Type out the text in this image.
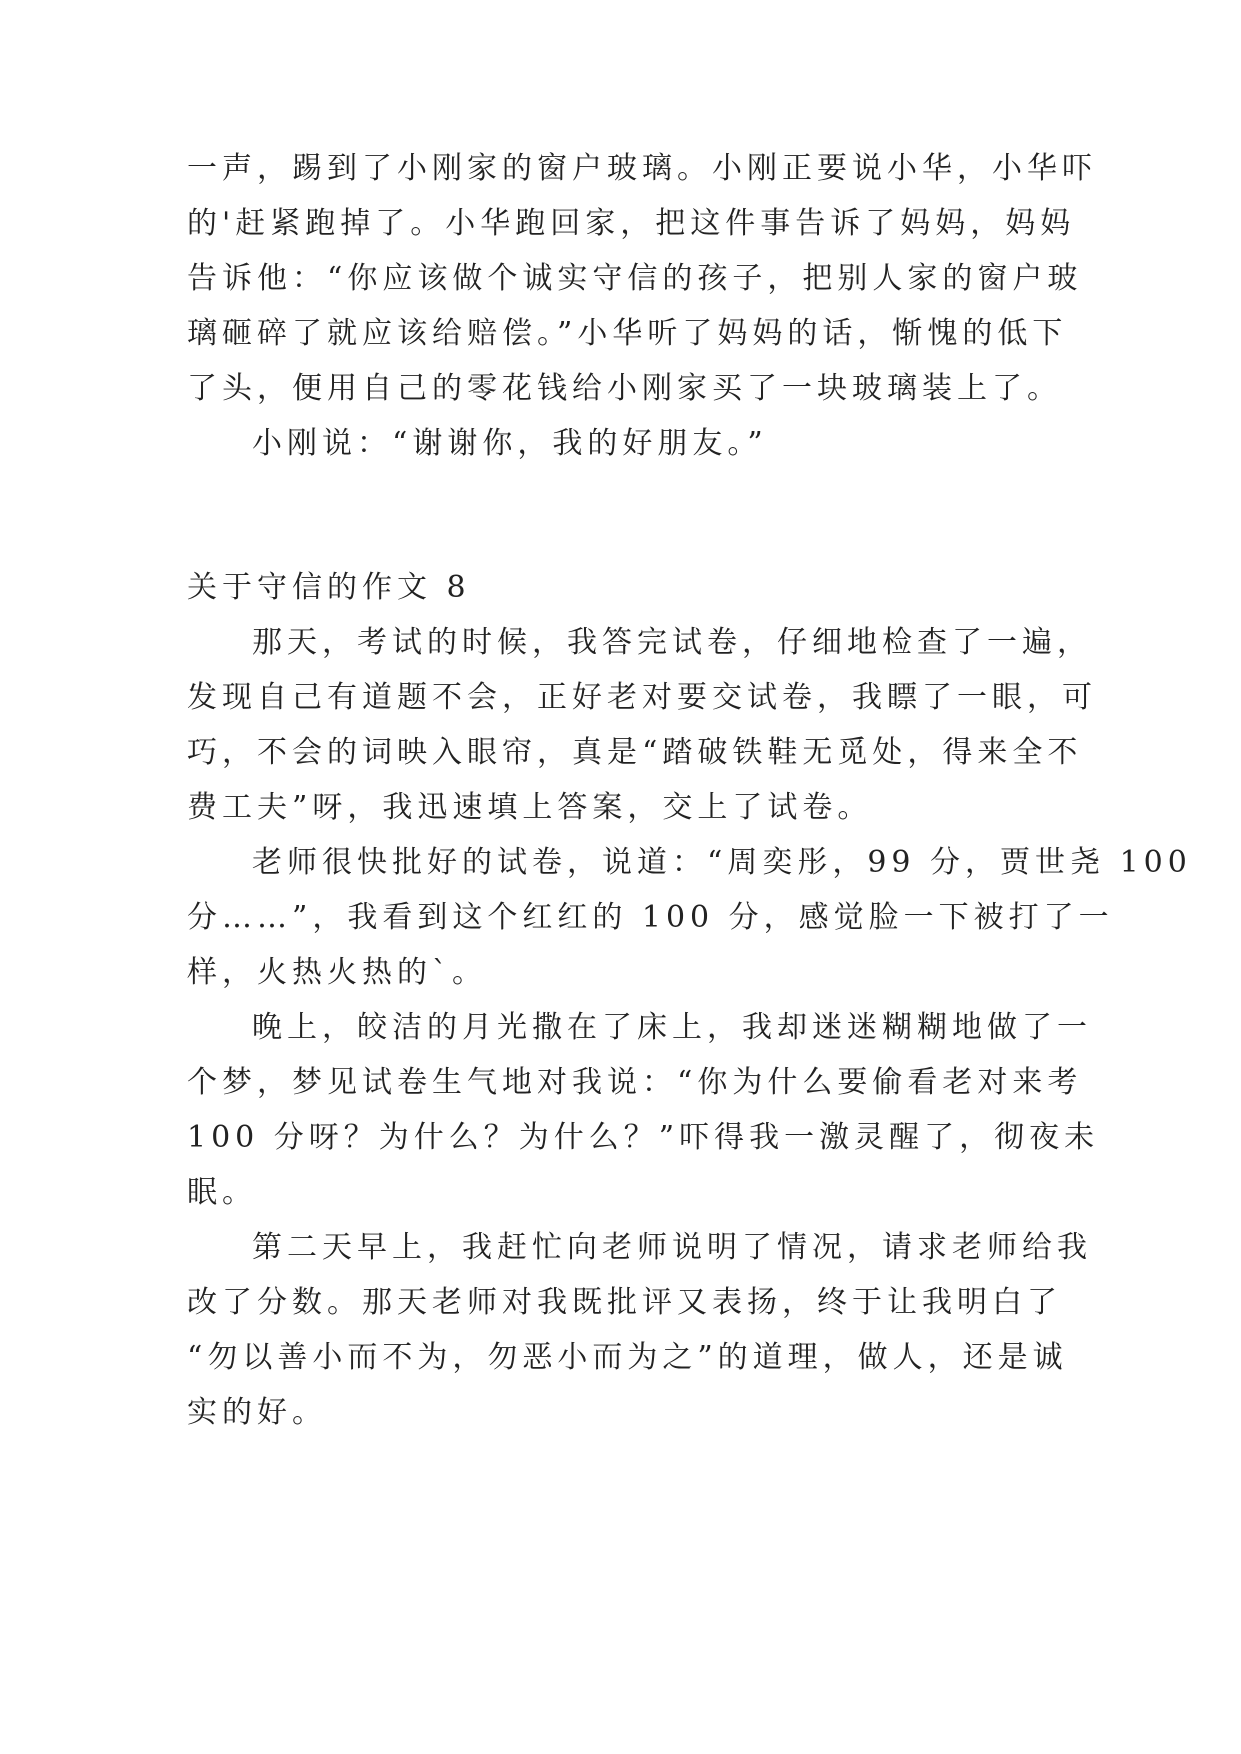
一声，踢到了小刚家的窗户玻璃。小刚正要说小华，小华吓
的'赶紧跑掉了。小华跑回家，把这件事告诉了妈妈，妈妈
告诉他：“你应该做个诚实守信的孩子，把别人家的窗户玻
璃砸碎了就应该给赔偿。”小华听了妈妈的话，惭愧的低下
了头，便用自己的零花钱给小刚家买了一块玻璃装上了。
小刚说：“谢谢你，我的好朋友。”
关于守信的作文 8
那天，考试的时候，我答完试卷，仔细地检查了一遍，
发现自己有道题不会，正好老对要交试卷，我瞟了一眼，可
巧，不会的词映入眼帘，真是“踏破铁鞋无觅处，得来全不
费工夫”呀，我迅速填上答案，交上了试卷。
老师很快批好的试卷，说道：“周奕彤，99 分，贾世尧 100
分……”，我看到这个红红的 100 分，感觉脸一下被打了一
样，火热火热的`。
晚上，皎洁的月光撒在了床上，我却迷迷糊糊地做了一
个梦，梦见试卷生气地对我说：“你为什么要偷看老对来考
100 分呀？为什么？为什么？”吓得我一激灵醒了，彻夜未
眠。
第二天早上，我赶忙向老师说明了情况，请求老师给我
改了分数。那天老师对我既批评又表扬，终于让我明白了
“勿以善小而不为，勿恶小而为之”的道理，做人，还是诚
实的好。
